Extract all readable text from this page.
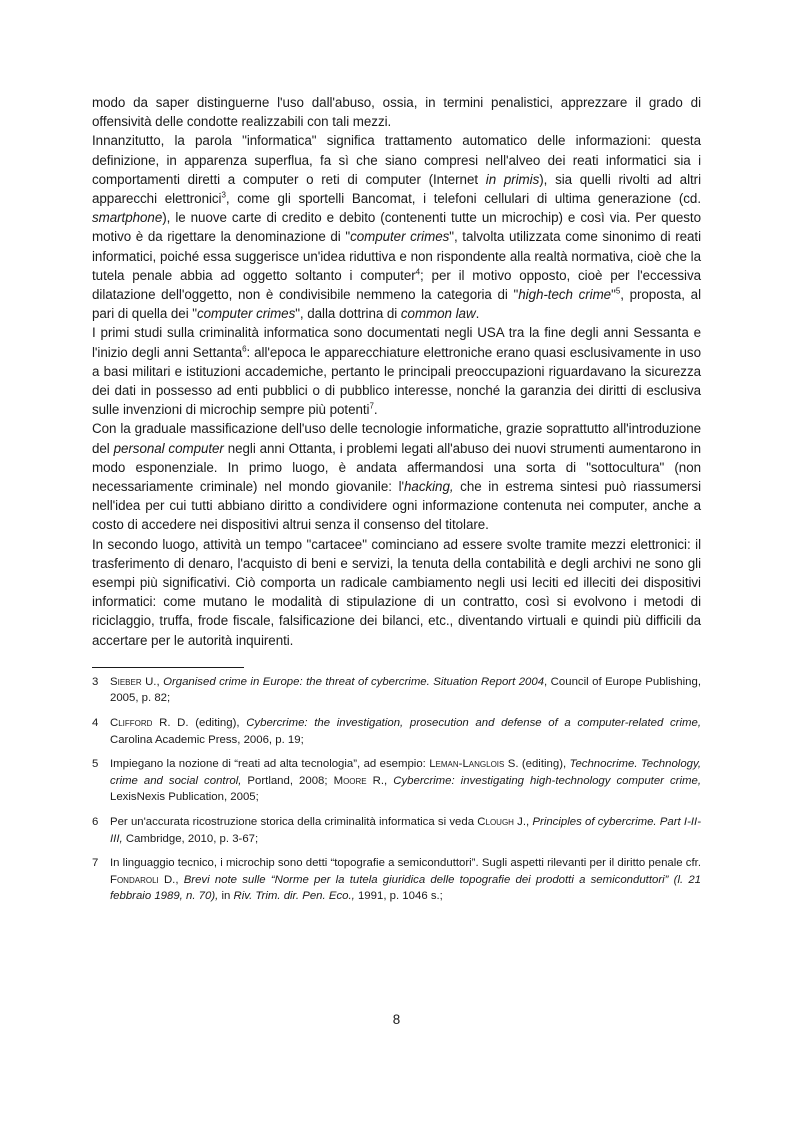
modo da saper distinguerne l'uso dall'abuso, ossia, in termini penalistici, apprezzare il grado di offensività delle condotte realizzabili con tali mezzi.

Innanzitutto, la parola "informatica" significa trattamento automatico delle informazioni: questa definizione, in apparenza superflua, fa sì che siano compresi nell'alveo dei reati informatici sia i comportamenti diretti a computer o reti di computer (Internet in primis), sia quelli rivolti ad altri apparecchi elettronici$^3$, come gli sportelli Bancomat, i telefoni cellulari di ultima generazione (cd. smartphone), le nuove carte di credito e debito (contenenti tutte un microchip) e così via. Per questo motivo è da rigettare la denominazione di "computer crimes", talvolta utilizzata come sinonimo di reati informatici, poiché essa suggerisce un'idea riduttiva e non rispondente alla realtà normativa, cioè che la tutela penale abbia ad oggetto soltanto i computer$^4$; per il motivo opposto, cioè per l'eccessiva dilatazione dell'oggetto, non è condivisibile nemmeno la categoria di "high-tech crime"$^5$, proposta, al pari di quella dei "computer crimes", dalla dottrina di common law.

I primi studi sulla criminalità informatica sono documentati negli USA tra la fine degli anni Sessanta e l'inizio degli anni Settanta$^6$: all'epoca le apparecchiature elettroniche erano quasi esclusivamente in uso a basi militari e istituzioni accademiche, pertanto le principali preoccupazioni riguardavano la sicurezza dei dati in possesso ad enti pubblici o di pubblico interesse, nonché la garanzia dei diritti di esclusiva sulle invenzioni di microchip sempre più potenti$^7$.

Con la graduale massificazione dell'uso delle tecnologie informatiche, grazie soprattutto all'introduzione del personal computer negli anni Ottanta, i problemi legati all'abuso dei nuovi strumenti aumentarono in modo esponenziale. In primo luogo, è andata affermandosi una sorta di "sottocultura" (non necessariamente criminale) nel mondo giovanile: l'hacking, che in estrema sintesi può riassumersi nell'idea per cui tutti abbiano diritto a condividere ogni informazione contenuta nei computer, anche a costo di accedere nei dispositivi altrui senza il consenso del titolare.

In secondo luogo, attività un tempo "cartacee" cominciano ad essere svolte tramite mezzi elettronici: il trasferimento di denaro, l'acquisto di beni e servizi, la tenuta della contabilità e degli archivi ne sono gli esempi più significativi. Ciò comporta un radicale cambiamento negli usi leciti ed illeciti dei dispositivi informatici: come mutano le modalità di stipulazione di un contratto, così si evolvono i metodi di riciclaggio, truffa, frode fiscale, falsificazione dei bilanci, etc., diventando virtuali e quindi più difficili da accertare per le autorità inquirenti.

3	Sieber U., Organised crime in Europe: the threat of cybercrime. Situation Report 2004, Council of Europe Publishing, 2005, p. 82;
4	Clifford R. D. (editing), Cybercrime: the investigation, prosecution and defense of a computer-related crime, Carolina Academic Press, 2006, p. 19;
5	Impiegano la nozione di “reati ad alta tecnologia”, ad esempio: Leman-Langlois S. (editing), Technocrime. Technology, crime and social control, Portland, 2008; Moore R., Cybercrime: investigating high-technology computer crime, LexisNexis Publication, 2005;
6	Per un'accurata ricostruzione storica della criminalità informatica si veda Clough J., Principles of cybercrime. Part I-II-III, Cambridge, 2010, p. 3-67;
7	In linguaggio tecnico, i microchip sono detti “topografie a semiconduttori”. Sugli aspetti rilevanti per il diritto penale cfr. Fondaroli D., Brevi note sulle “Norme per la tutela giuridica delle topografie dei prodotti a semiconduttori” (l. 21 febbraio 1989, n. 70), in Riv. Trim. dir. Pen. Eco., 1991, p. 1046 s.;
8
